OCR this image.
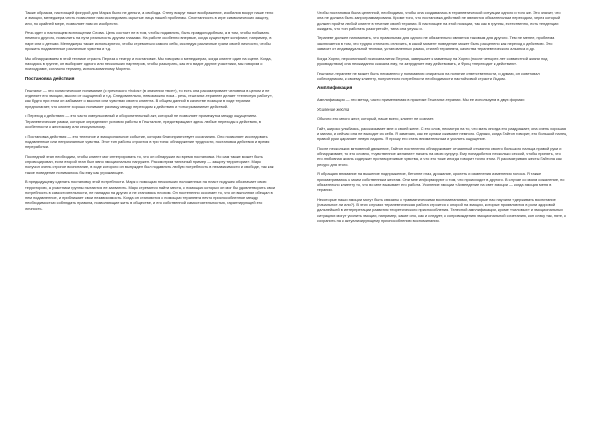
Также образом, настоящей фигурой для Марка было не деньги, а свобода. Стену вокруг наше воображение, изобилия вокруг наше тело и эмоции, менеджера честь позволяют нам исследовать скрытые лица нашей проблемы. Спонтанность в игре символических защиту, или, по крайней мере, позволяет нам их изобрести.

Речь идет о настоящем воплощении Слова. Цель состоит не в том, чтобы подавлять, быть правдоподобным, а в том, чтобы побывать немного другого, позволить на пути реальность другим глазами. На работе особенно впервые, когда существует конфликт, например, в паре или с детьми. Менеджеры также используются, чтобы стремиться самого себя, исследуя различные грани своей личности, чтобы прожить подавленные различные чувства и т.д.

Мы обнаруживаем в этой технике страсть Перлза к театру и постановке. Мы говорим о менеджерах, когда клиент один на сцене. Когда, находясь в группе, он выбирает одного или нескольких партнеров, чтобы разыграть, как его видит другие участники, мы говорим о психодраме, согласно термину, использованному Морено.

Постановка действия

Гештальт — это холистическое понимание (с греческого «holos» (в значении «все»), то есть она рассматривает человека в целом и не отделяет его эмоции, мысли от ощущений и т.д. Следовательно, невозможно пока - речь, гештальт-терапевт делает «телесную работу», как будто при этом он забывает о мыслях или чувствах своего клиента. В общем данной в качестве позиции в ходе терапии предполагает, что клиент хорошо понимает разницу между переходом к действию и «отыгрыванием» действий.

• Переход к действию — это часто импульсивный и оборонительный акт, который не позволяет промежутка между ощущением. Терапевтические рамки, которые определяют условия работы в Гештальте, предотвращают здесь любые переходы к действию, в особенности к жестокому или сексуальному.

• Постановка действия — это телесное и эмоциональное событие, которая благоприятствует осознанию. Оно позволяет исследовать подавленные или непризнанные чувства. Этот тип работы строится в три типа: обнаружение трудности, постановка действия и время переработки.

Последний этап необходим, чтобы клиент мог интегрировать то, что он обнаружил во время постановки. Но сам также может быть спровоцирован, если второй этап был явно эмоционально нагружен. Рассмотрим типичный пример — защиту территории». Марк получил очень строгое воспитание, в ходе которого он вынужден был подавлять любую потребность в независимости и свободе, так как такое поведение понималось бы ему как угрожающее.

В предыдущему сделать постановку этой потребности. Марк с помощью нескольких положенных на пласт подушек обозначает свою территорию, а участники группы пытаются ее захватить. Марк стремится найти места, с помощью которых он мог бы удовлетворить свои потребность в самостоятельности, не нападая на других и не становясь плохим. Он постепенно осознает то, что он выполнял обещал в нем подавленное, и приближает свои независимость. Когда он становится с помощью терапевта нечто приспособленное между необходимостью соблюдать правила, позволяющие жить в обществе, и его собственной самостоятельностью, гарантирующей его личность.

Чтобы постановка была целенной, необходимо, чтобы она создавалась в терапевтической ситуации одного и того же. Это значит, что она не должна быть запрограммирована. Кроме того, что постановка действий не являются обязательным переходом, через который должен пройти любой клиент в течение своей терапии. В настоящее на этой позиции, так как в группы, естественно, есть тенденции ожидать, что «он работать разогретой», типа она улучш и.

Терапевт должен напоминать, что правильная для одного не обязательно является таковым для другого. Тем не менее, проблема заключается в том, что трудно отличить отличить, в какой момент поведение может быть расценено как переход к действию. Это зависит от индивидуальной техники, установленных рамок, стилей терапевта, качества терапевтического альянса и др.

Когда Хорни, персонинский психоаналитик Перлза, завершает к маменьку на Хорни (после четырех лет совместной жизни под руководством) она неожиданно сказала ему, «и затрудняет ему действовать, и Фриц «переходит к действию».

Гештальт-терапевт не может быть неизменно у пониманию опираться на понятие ответственности, и думаю, он советовал собеседником, к своему клиенту, полученного потребности необходимости настойчивой страсти Льдом.

Амплификация

Амплификация — это метод, часто применяемая в практике Гештальт-терапии. Мы ее используем в двух формах:

Усиление жеста

Обычно это много жест, который, наше всего, клиент не сознает.

Гайт, широко улыбаясь, рассказывает мне о своей жене. С его слов, несмотря на то, что мать иногда его раздражает, она очень хорошая и милая, и сейчас она не выходит из себя. Я замечаю, как ее кулаки сжимают немного. Однако, когда Гайтон говорит, его большой палец правой руки царапает левую ладонь. Я прошу его стать внимательным и усилить ощущение.

После нескольких мгновений движение, Гайтон постепенно обнаруживает отчаянный отчаянно своего большого пальца правой руки и обнаруживает, то это словно, «чувственное желание» начать на свою супругу. Ему понадобится несколько сессий, чтобы принять, что его любовная жизнь содержит противоречивые чувства, и что это тоже иногда говорит точно этом. Я рассматриваю жесты Гайтона как ресурс для этого.

Я обращаю внимание на вышение подпрыжение, бетонне глаз, дрожание, кролеть и изменения изменения голоса. Я также присматриваюсь к моим собственным жестам. Они мне информируют о том, что происходит в другого. В случае со моим сожаление, по обязательно клиенту то, что во мне вызывает его работа. Усиление эмоции «Ахвеедение на свет эмоции — когда эмоция меня в терапии.

Некоторые наши эмоции могут быть связаны с травматическими воспоминаниями, некоторые нас научили «держивать воспитание (начальное ли или?). В этих случаях терапевтическая работа строится с опорой на эмоции, которые проявляются в роли здоровой дальнейшей в интерпретации развития теоретического приспособления. Телесной амплификации, кроме «чиловых» и эмоциональных ситуациях могут усилить эмоции, например, какие оно, как и следует, к сопровождению эмоциональной сочетанию, кон слэку так, пяте, к сохранить на к актуализирующему приспособлению воспоминания.
